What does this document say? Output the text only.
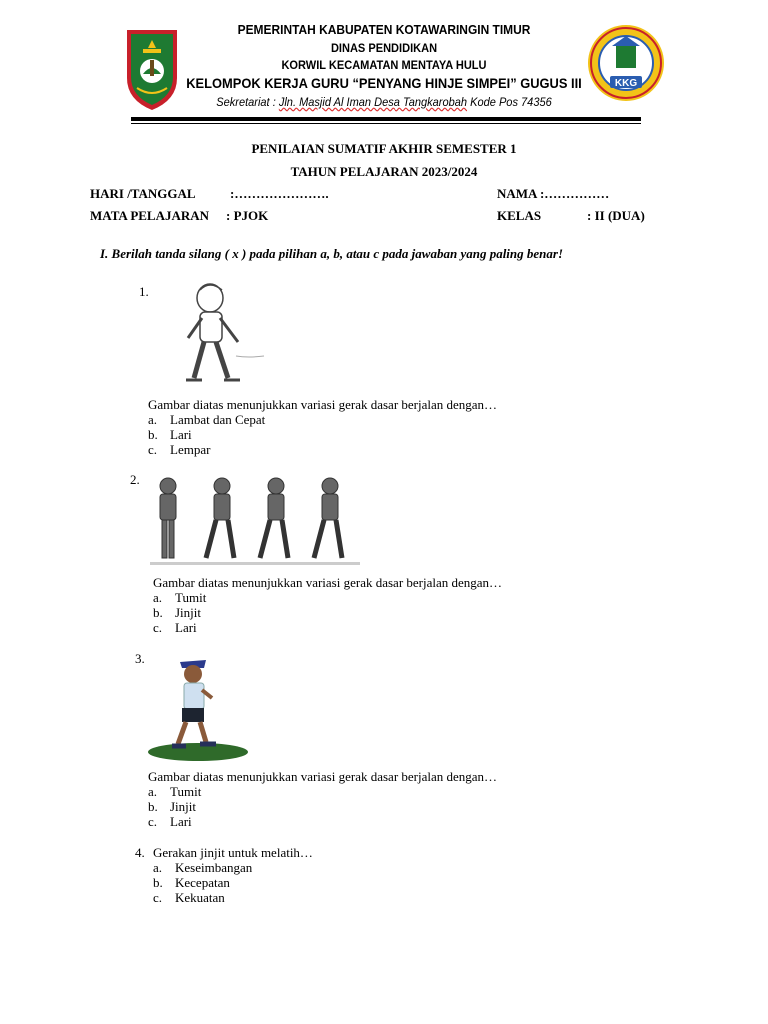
KKG
PEMERINTAH KABUPATEN KOTAWARINGIN TIMUR
DINAS PENDIDIKAN
KORWIL KECAMATAN MENTAYA HULU
KELOMPOK KERJA GURU “PENYANG HINJE SIMPEI” GUGUS III
Sekretariat : Jln. Masjid Al Iman Desa Tangkarobah Kode Pos 74356
PENILAIAN SUMATIF AKHIR SEMESTER 1
TAHUN PELAJARAN 2023/2024
HARI /TANGGAL	:………………….	NAMA :……………
MATA PELAJARAN : PJOK	KELAS	: II (DUA)
I. Berilah tanda silang ( x ) pada pilihan a, b, atau c pada jawaban yang paling benar!
1.
Gambar diatas menunjukkan variasi gerak dasar berjalan dengan…
a. Lambat dan Cepat
b. Lari
c. Lempar
2.
Gambar diatas menunjukkan variasi gerak dasar berjalan dengan…
a. Tumit
b. Jinjit
c. Lari
3.
Gambar diatas menunjukkan variasi gerak dasar berjalan dengan…
a. Tumit
b. Jinjit
c. Lari
4. Gerakan jinjit untuk melatih…
a. Keseimbangan
b. Kecepatan
c. Kekuatan
